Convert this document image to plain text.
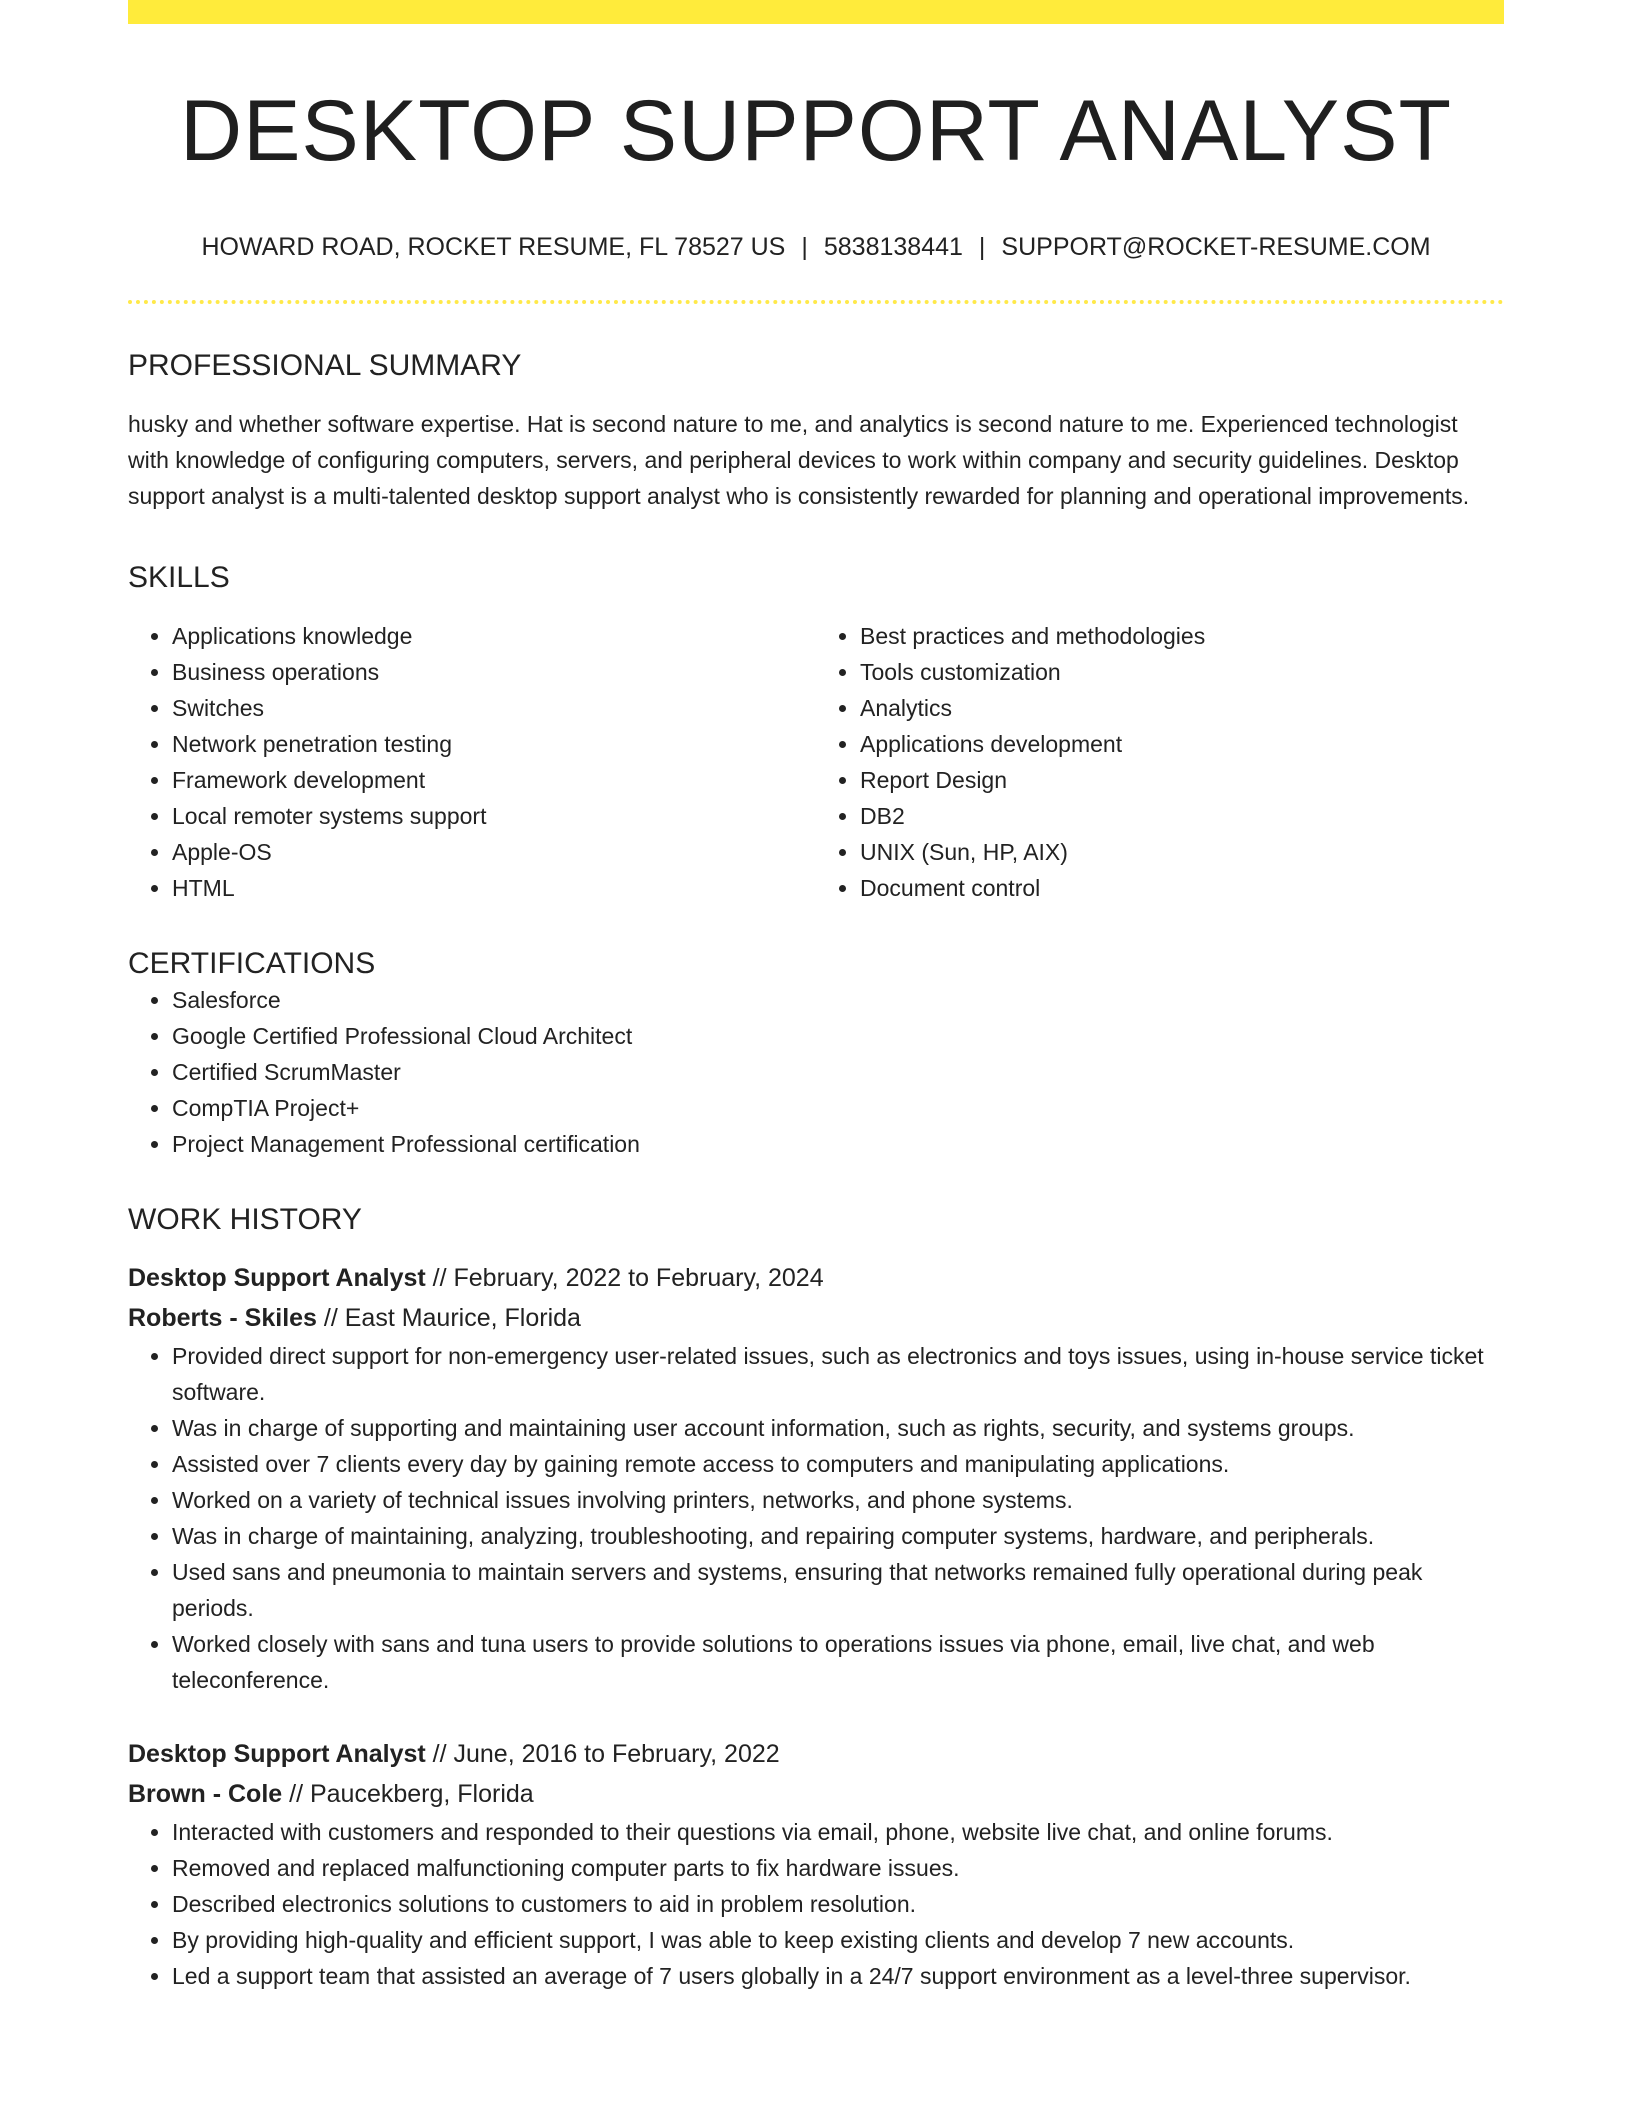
DESKTOP SUPPORT ANALYST
HOWARD ROAD, ROCKET RESUME, FL 78527 US | 5838138441 | SUPPORT@ROCKET-RESUME.COM
PROFESSIONAL SUMMARY
husky and whether software expertise. Hat is second nature to me, and analytics is second nature to me. Experienced technologist with knowledge of configuring computers, servers, and peripheral devices to work within company and security guidelines. Desktop support analyst is a multi-talented desktop support analyst who is consistently rewarded for planning and operational improvements.
SKILLS
• Applications knowledge
• Business operations
• Switches
• Network penetration testing
• Framework development
• Local remoter systems support
• Apple-OS
• HTML
• Best practices and methodologies
• Tools customization
• Analytics
• Applications development
• Report Design
• DB2
• UNIX (Sun, HP, AIX)
• Document control
CERTIFICATIONS
• Salesforce
• Google Certified Professional Cloud Architect
• Certified ScrumMaster
• CompTIA Project+
• Project Management Professional certification
WORK HISTORY
Desktop Support Analyst // February, 2022 to February, 2024
Roberts - Skiles // East Maurice, Florida
• Provided direct support for non-emergency user-related issues, such as electronics and toys issues, using in-house service ticket software.
• Was in charge of supporting and maintaining user account information, such as rights, security, and systems groups.
• Assisted over 7 clients every day by gaining remote access to computers and manipulating applications.
• Worked on a variety of technical issues involving printers, networks, and phone systems.
• Was in charge of maintaining, analyzing, troubleshooting, and repairing computer systems, hardware, and peripherals.
• Used sans and pneumonia to maintain servers and systems, ensuring that networks remained fully operational during peak periods.
• Worked closely with sans and tuna users to provide solutions to operations issues via phone, email, live chat, and web teleconference.
Desktop Support Analyst // June, 2016 to February, 2022
Brown - Cole // Paucekberg, Florida
• Interacted with customers and responded to their questions via email, phone, website live chat, and online forums.
• Removed and replaced malfunctioning computer parts to fix hardware issues.
• Described electronics solutions to customers to aid in problem resolution.
• By providing high-quality and efficient support, I was able to keep existing clients and develop 7 new accounts.
• Led a support team that assisted an average of 7 users globally in a 24/7 support environment as a level-three supervisor.
